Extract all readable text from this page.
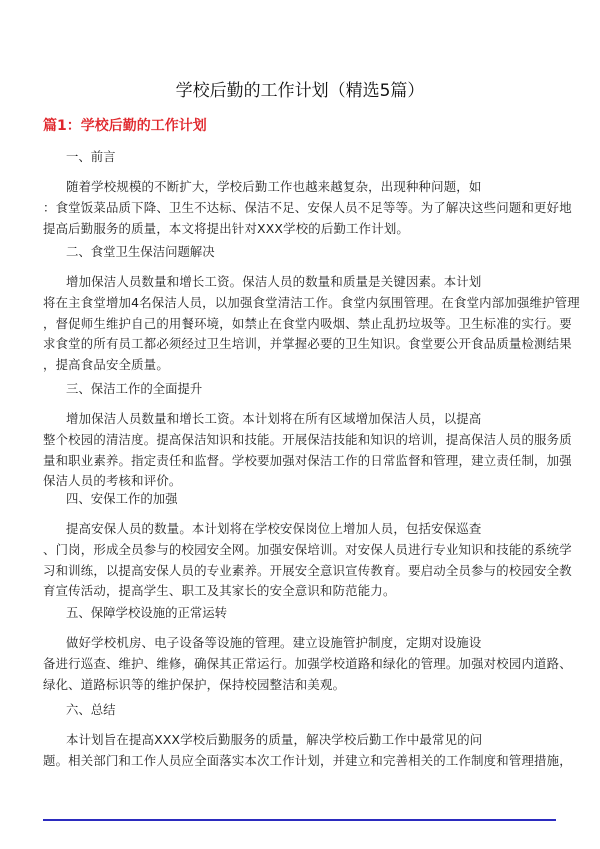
学校后勤的工作计划（精选5篇）
篇1：学校后勤的工作计划
一、前言
随着学校规模的不断扩大，学校后勤工作也越来越复杂，出现种种问题，如
：食堂饭菜品质下降、卫生不达标、保洁不足、安保人员不足等等。为了解决这些问题和更好地
提高后勤服务的质量，本文将提出针对XXX学校的后勤工作计划。
二、食堂卫生保洁问题解决
增加保洁人员数量和增长工资。保洁人员的数量和质量是关键因素。本计划
将在主食堂增加4名保洁人员，以加强食堂清洁工作。食堂内氛围管理。在食堂内部加强维护管理
，督促师生维护自己的用餐环境，如禁止在食堂内吸烟、禁止乱扔垃圾等。卫生标准的实行。要
求食堂的所有员工都必须经过卫生培训，并掌握必要的卫生知识。食堂要公开食品质量检测结果
，提高食品安全质量。
三、保洁工作的全面提升
增加保洁人员数量和增长工资。本计划将在所有区域增加保洁人员，以提高
整个校园的清洁度。提高保洁知识和技能。开展保洁技能和知识的培训，提高保洁人员的服务质
量和职业素养。指定责任和监督。学校要加强对保洁工作的日常监督和管理，建立责任制，加强
保洁人员的考核和评价。
四、安保工作的加强
提高安保人员的数量。本计划将在学校安保岗位上增加人员，包括安保巡查
、门岗，形成全员参与的校园安全网。加强安保培训。对安保人员进行专业知识和技能的系统学
习和训练，以提高安保人员的专业素养。开展安全意识宣传教育。要启动全员参与的校园安全教
育宣传活动，提高学生、职工及其家长的安全意识和防范能力。
五、保障学校设施的正常运转
做好学校机房、电子设备等设施的管理。建立设施管护制度，定期对设施设
备进行巡查、维护、维修，确保其正常运行。加强学校道路和绿化的管理。加强对校园内道路、
绿化、道路标识等的维护保护，保持校园整洁和美观。
六、总结
本计划旨在提高XXX学校后勤服务的质量，解决学校后勤工作中最常见的问
题。相关部门和工作人员应全面落实本次工作计划，并建立和完善相关的工作制度和管理措施，
